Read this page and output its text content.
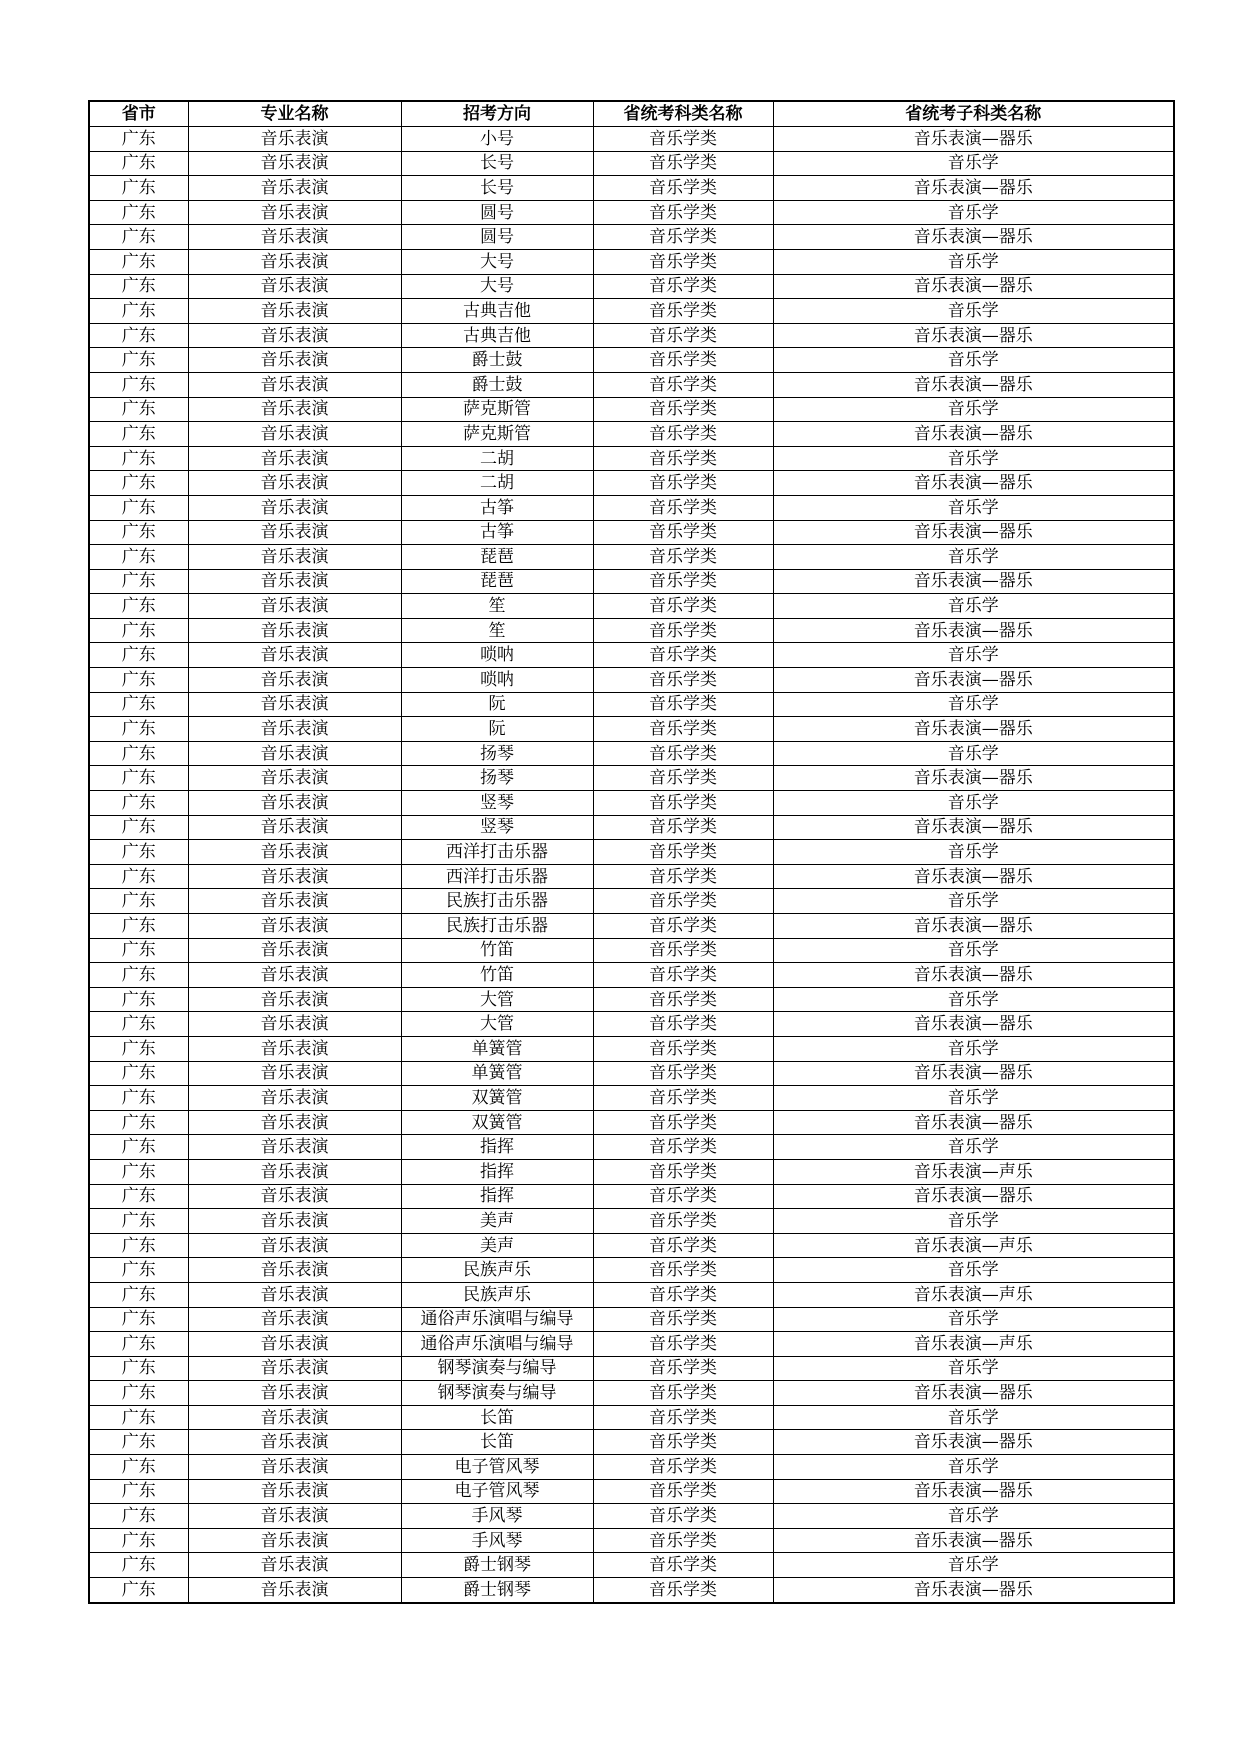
省市	专业名称	招考方向	省统考科类名称	省统考子科类名称
广东	音乐表演	小号	音乐学类	音乐表演—器乐
广东	音乐表演	长号	音乐学类	音乐学
广东	音乐表演	长号	音乐学类	音乐表演—器乐
广东	音乐表演	圆号	音乐学类	音乐学
广东	音乐表演	圆号	音乐学类	音乐表演—器乐
广东	音乐表演	大号	音乐学类	音乐学
广东	音乐表演	大号	音乐学类	音乐表演—器乐
广东	音乐表演	古典吉他	音乐学类	音乐学
广东	音乐表演	古典吉他	音乐学类	音乐表演—器乐
广东	音乐表演	爵士鼓	音乐学类	音乐学
广东	音乐表演	爵士鼓	音乐学类	音乐表演—器乐
广东	音乐表演	萨克斯管	音乐学类	音乐学
广东	音乐表演	萨克斯管	音乐学类	音乐表演—器乐
广东	音乐表演	二胡	音乐学类	音乐学
广东	音乐表演	二胡	音乐学类	音乐表演—器乐
广东	音乐表演	古筝	音乐学类	音乐学
广东	音乐表演	古筝	音乐学类	音乐表演—器乐
广东	音乐表演	琵琶	音乐学类	音乐学
广东	音乐表演	琵琶	音乐学类	音乐表演—器乐
广东	音乐表演	笙	音乐学类	音乐学
广东	音乐表演	笙	音乐学类	音乐表演—器乐
广东	音乐表演	唢呐	音乐学类	音乐学
广东	音乐表演	唢呐	音乐学类	音乐表演—器乐
广东	音乐表演	阮	音乐学类	音乐学
广东	音乐表演	阮	音乐学类	音乐表演—器乐
广东	音乐表演	扬琴	音乐学类	音乐学
广东	音乐表演	扬琴	音乐学类	音乐表演—器乐
广东	音乐表演	竖琴	音乐学类	音乐学
广东	音乐表演	竖琴	音乐学类	音乐表演—器乐
广东	音乐表演	西洋打击乐器	音乐学类	音乐学
广东	音乐表演	西洋打击乐器	音乐学类	音乐表演—器乐
广东	音乐表演	民族打击乐器	音乐学类	音乐学
广东	音乐表演	民族打击乐器	音乐学类	音乐表演—器乐
广东	音乐表演	竹笛	音乐学类	音乐学
广东	音乐表演	竹笛	音乐学类	音乐表演—器乐
广东	音乐表演	大管	音乐学类	音乐学
广东	音乐表演	大管	音乐学类	音乐表演—器乐
广东	音乐表演	单簧管	音乐学类	音乐学
广东	音乐表演	单簧管	音乐学类	音乐表演—器乐
广东	音乐表演	双簧管	音乐学类	音乐学
广东	音乐表演	双簧管	音乐学类	音乐表演—器乐
广东	音乐表演	指挥	音乐学类	音乐学
广东	音乐表演	指挥	音乐学类	音乐表演—声乐
广东	音乐表演	指挥	音乐学类	音乐表演—器乐
广东	音乐表演	美声	音乐学类	音乐学
广东	音乐表演	美声	音乐学类	音乐表演—声乐
广东	音乐表演	民族声乐	音乐学类	音乐学
广东	音乐表演	民族声乐	音乐学类	音乐表演—声乐
广东	音乐表演	通俗声乐演唱与编导	音乐学类	音乐学
广东	音乐表演	通俗声乐演唱与编导	音乐学类	音乐表演—声乐
广东	音乐表演	钢琴演奏与编导	音乐学类	音乐学
广东	音乐表演	钢琴演奏与编导	音乐学类	音乐表演—器乐
广东	音乐表演	长笛	音乐学类	音乐学
广东	音乐表演	长笛	音乐学类	音乐表演—器乐
广东	音乐表演	电子管风琴	音乐学类	音乐学
广东	音乐表演	电子管风琴	音乐学类	音乐表演—器乐
广东	音乐表演	手风琴	音乐学类	音乐学
广东	音乐表演	手风琴	音乐学类	音乐表演—器乐
广东	音乐表演	爵士钢琴	音乐学类	音乐学
广东	音乐表演	爵士钢琴	音乐学类	音乐表演—器乐
